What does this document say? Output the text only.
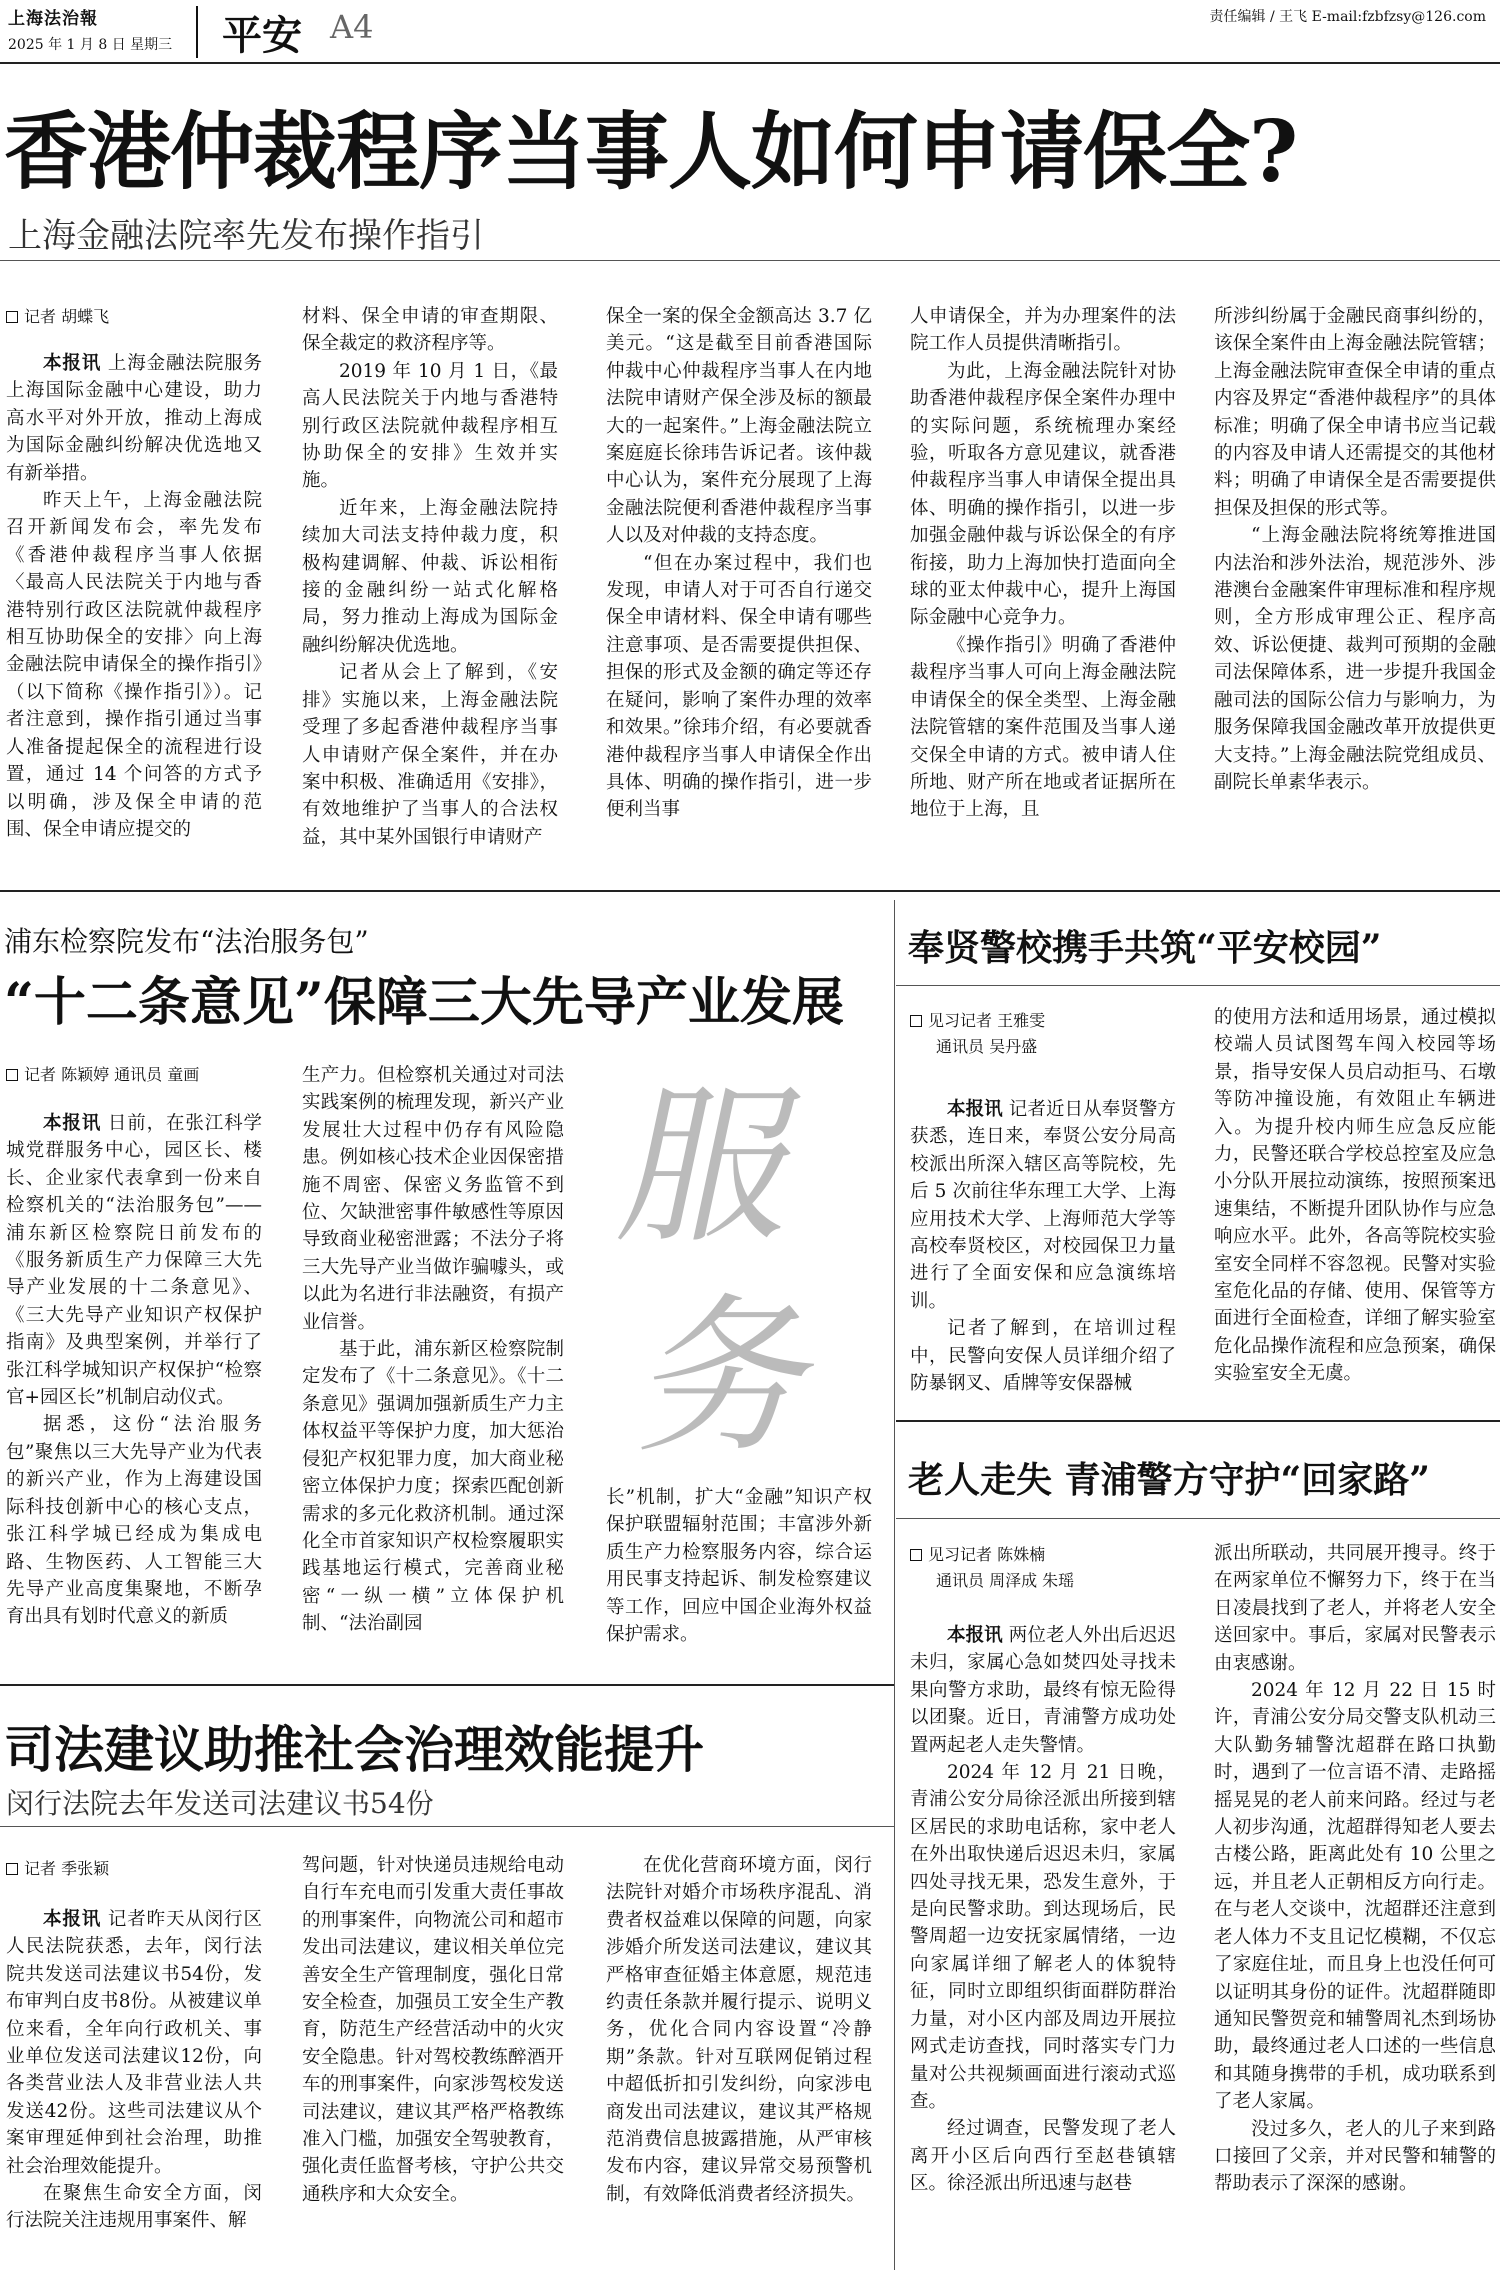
上海法治報
2025 年 1 月 8 日 星期三 平安 A4	责任编辑 / 王飞 E-mail:fzbfzsy@126.com
香港仲裁程序当事人如何申请保全?
上海金融法院率先发布操作指引
记者 胡蝶飞

本报讯 上海金融法院服务上海国际金融中心建设，助力高水平对外开放，推动上海成为国际金融纠纷解决优选地又有新举措。

昨天上午，上海金融法院召开新闻发布会，率先发布《香港仲裁程序当事人依据〈最高人民法院关于内地与香港特别行政区法院就仲裁程序相互协助保全的安排〉向上海金融法院申请保全的操作指引》（以下简称《操作指引》）。记者注意到，操作指引通过当事人准备提起保全的流程进行设置，通过 14 个问答的方式予以明确，涉及保全申请的范围、保全申请应提交的

材料、保全申请的审查期限、保全裁定的救济程序等。

2019 年 10 月 1 日，《最高人民法院关于内地与香港特别行政区法院就仲裁程序相互协助保全的安排》生效并实施。

近年来，上海金融法院持续加大司法支持仲裁力度，积极构建调解、仲裁、诉讼相衔接的金融纠纷一站式化解格局，努力推动上海成为国际金融纠纷解决优选地。

记者从会上了解到，《安排》实施以来，上海金融法院受理了多起香港仲裁程序当事人申请财产保全案件，并在办案中积极、准确适用《安排》，有效地维护了当事人的合法权益，其中某外国银行申请财产

保全一案的保全金额高达 3.7 亿美元。“这是截至目前香港国际仲裁中心仲裁程序当事人在内地法院申请财产保全涉及标的额最大的一起案件。”上海金融法院立案庭庭长徐玮告诉记者。该仲裁中心认为，案件充分展现了上海金融法院便利香港仲裁程序当事人以及对仲裁的支持态度。

“但在办案过程中，我们也发现，申请人对于可否自行递交保全申请材料、保全申请有哪些注意事项、是否需要提供担保、担保的形式及金额的确定等还存在疑问，影响了案件办理的效率和效果。”徐玮介绍，有必要就香港仲裁程序当事人申请保全作出具体、明确的操作指引，进一步便利当事

人申请保全，并为办理案件的法院工作人员提供清晰指引。

为此，上海金融法院针对协助香港仲裁程序保全案件办理中的实际问题，系统梳理办案经验，听取各方意见建议，就香港仲裁程序当事人申请保全提出具体、明确的操作指引，以进一步加强金融仲裁与诉讼保全的有序衔接，助力上海加快打造面向全球的亚太仲裁中心，提升上海国际金融中心竞争力。

《操作指引》明确了香港仲裁程序当事人可向上海金融法院申请保全的保全类型、上海金融法院管辖的案件范围及当事人递交保全申请的方式。被申请人住所地、财产所在地或者证据所在地位于上海，且

所涉纠纷属于金融民商事纠纷的，该保全案件由上海金融法院管辖；上海金融法院审查保全申请的重点内容及界定“香港仲裁程序”的具体标准；明确了保全申请书应当记载的内容及申请人还需提交的其他材料；明确了申请保全是否需要提供担保及担保的形式等。

“上海金融法院将统筹推进国内法治和涉外法治，规范涉外、涉港澳台金融案件审理标准和程序规则，全方形成审理公正、程序高效、诉讼便捷、裁判可预期的金融司法保障体系，进一步提升我国金融司法的国际公信力与影响力，为服务保障我国金融改革开放提供更大支持。”上海金融法院党组成员、副院长单素华表示。

浦东检察院发布“法治服务包”
“十二条意见”保障三大先导产业发展
记者 陈颖婷 通讯员 童画

本报讯 日前，在张江科学城党群服务中心，园区长、楼长、企业家代表拿到一份来自检察机关的“法治服务包”——浦东新区检察院日前发布的《服务新质生产力保障三大先导产业发展的十二条意见》、《三大先导产业知识产权保护指南》及典型案例，并举行了张江科学城知识产权保护“检察官+园区长”机制启动仪式。

据悉，这份“法治服务包”聚焦以三大先导产业为代表的新兴产业，作为上海建设国际科技创新中心的核心支点，张江科学城已经成为集成电路、生物医药、人工智能三大先导产业高度集聚地，不断孕育出具有划时代意义的新质

生产力。但检察机关通过对司法实践案例的梳理发现，新兴产业发展壮大过程中仍存有风险隐患。例如核心技术企业因保密措施不周密、保密义务监管不到位、欠缺泄密事件敏感性等原因导致商业秘密泄露；不法分子将三大先导产业当做诈骗噱头，或以此为名进行非法融资，有损产业信誉。

基于此，浦东新区检察院制定发布了《十二条意见》。《十二条意见》强调加强新质生产力主体权益平等保护力度，加大惩治侵犯产权犯罪力度，加大商业秘密立体保护力度；探索匹配创新需求的多元化救济机制。通过深化全市首家知识产权检察履职实践基地运行模式，完善商业秘密“一纵一横”立体保护机制、“法治副园

服
务

长”机制，扩大“金融”知识产权保护联盟辐射范围；丰富涉外新质生产力检察服务内容，综合运用民事支持起诉、制发检察建议等工作，回应中国企业海外权益保护需求。

奉贤警校携手共筑“平安校园”
见习记者 王雅雯
通讯员 吴丹盛

本报讯 记者近日从奉贤警方获悉，连日来，奉贤公安分局高校派出所深入辖区高等院校，先后 5 次前往华东理工大学、上海应用技术大学、上海师范大学等高校奉贤校区，对校园保卫力量进行了全面安保和应急演练培训。

记者了解到，在培训过程中，民警向安保人员详细介绍了防暴钢叉、盾牌等安保器械

的使用方法和适用场景，通过模拟校端人员试图驾车闯入校园等场景，指导安保人员启动拒马、石墩等防冲撞设施，有效阻止车辆进入。为提升校内师生应急反应能力，民警还联合学校总控室及应急小分队开展拉动演练，按照预案迅速集结，不断提升团队协作与应急响应水平。此外，各高等院校实验室安全同样不容忽视。民警对实验室危化品的存储、使用、保管等方面进行全面检查，详细了解实验室危化品操作流程和应急预案，确保实验室安全无虞。

老人走失 青浦警方守护“回家路”
见习记者 陈姝楠
通讯员 周泽成 朱瑶

本报讯 两位老人外出后迟迟未归，家属心急如焚四处寻找未果向警方求助，最终有惊无险得以团聚。近日，青浦警方成功处置两起老人走失警情。

2024 年 12 月 21 日晚，青浦公安分局徐泾派出所接到辖区居民的求助电话称，家中老人在外出取快递后迟迟未归，家属四处寻找无果，恐发生意外，于是向民警求助。到达现场后，民警周超一边安抚家属情绪，一边向家属详细了解老人的体貌特征，同时立即组织街面群防群治力量，对小区内部及周边开展拉网式走访查找，同时落实专门力量对公共视频画面进行滚动式巡查。

经过调查，民警发现了老人离开小区后向西行至赵巷镇辖区。徐泾派出所迅速与赵巷

派出所联动，共同展开搜寻。终于在两家单位不懈努力下，终于在当日凌晨找到了老人，并将老人安全送回家中。事后，家属对民警表示由衷感谢。

2024 年 12 月 22 日 15 时许，青浦公安分局交警支队机动三大队勤务辅警沈超群在路口执勤时，遇到了一位言语不清、走路摇摇晃晃的老人前来问路。经过与老人初步沟通，沈超群得知老人要去古楼公路，距离此处有 10 公里之远，并且老人正朝相反方向行走。在与老人交谈中，沈超群还注意到老人体力不支且记忆模糊，不仅忘了家庭住址，而且身上也没任何可以证明其身份的证件。沈超群随即通知民警贺竞和辅警周礼杰到场协助，最终通过老人口述的一些信息和其随身携带的手机，成功联系到了老人家属。

没过多久，老人的儿子来到路口接回了父亲，并对民警和辅警的帮助表示了深深的感谢。

司法建议助推社会治理效能提升
闵行法院去年发送司法建议书54份
记者 季张颖

本报讯 记者昨天从闵行区人民法院获悉，去年，闵行法院共发送司法建议书54份，发布审判白皮书8份。从被建议单位来看，全年向行政机关、事业单位发送司法建议12份，向各类营业法人及非营业法人共发送42份。这些司法建议从个案审理延伸到社会治理，助推社会治理效能提升。

在聚焦生命安全方面，闵行法院关注违规用事案件、解

驾问题，针对快递员违规给电动自行车充电而引发重大责任事故的刑事案件，向物流公司和超市发出司法建议，建议相关单位完善安全生产管理制度，强化日常安全检查，加强员工安全生产教育，防范生产经营活动中的火灾安全隐患。针对驾校教练醉酒开车的刑事案件，向家涉驾校发送司法建议，建议其严格严格教练准入门槛，加强安全驾驶教育，强化责任监督考核，守护公共交通秩序和大众安全。

在优化营商环境方面，闵行法院针对婚介市场秩序混乱、消费者权益难以保障的问题，向家涉婚介所发送司法建议，建议其严格审查征婚主体意愿，规范违约责任条款并履行提示、说明义务，优化合同内容设置“冷静期”条款。针对互联网促销过程中超低折扣引发纠纷，向家涉电商发出司法建议，建议其严格规范消费信息披露措施，从严审核发布内容，建议异常交易预警机制，有效降低消费者经济损失。
